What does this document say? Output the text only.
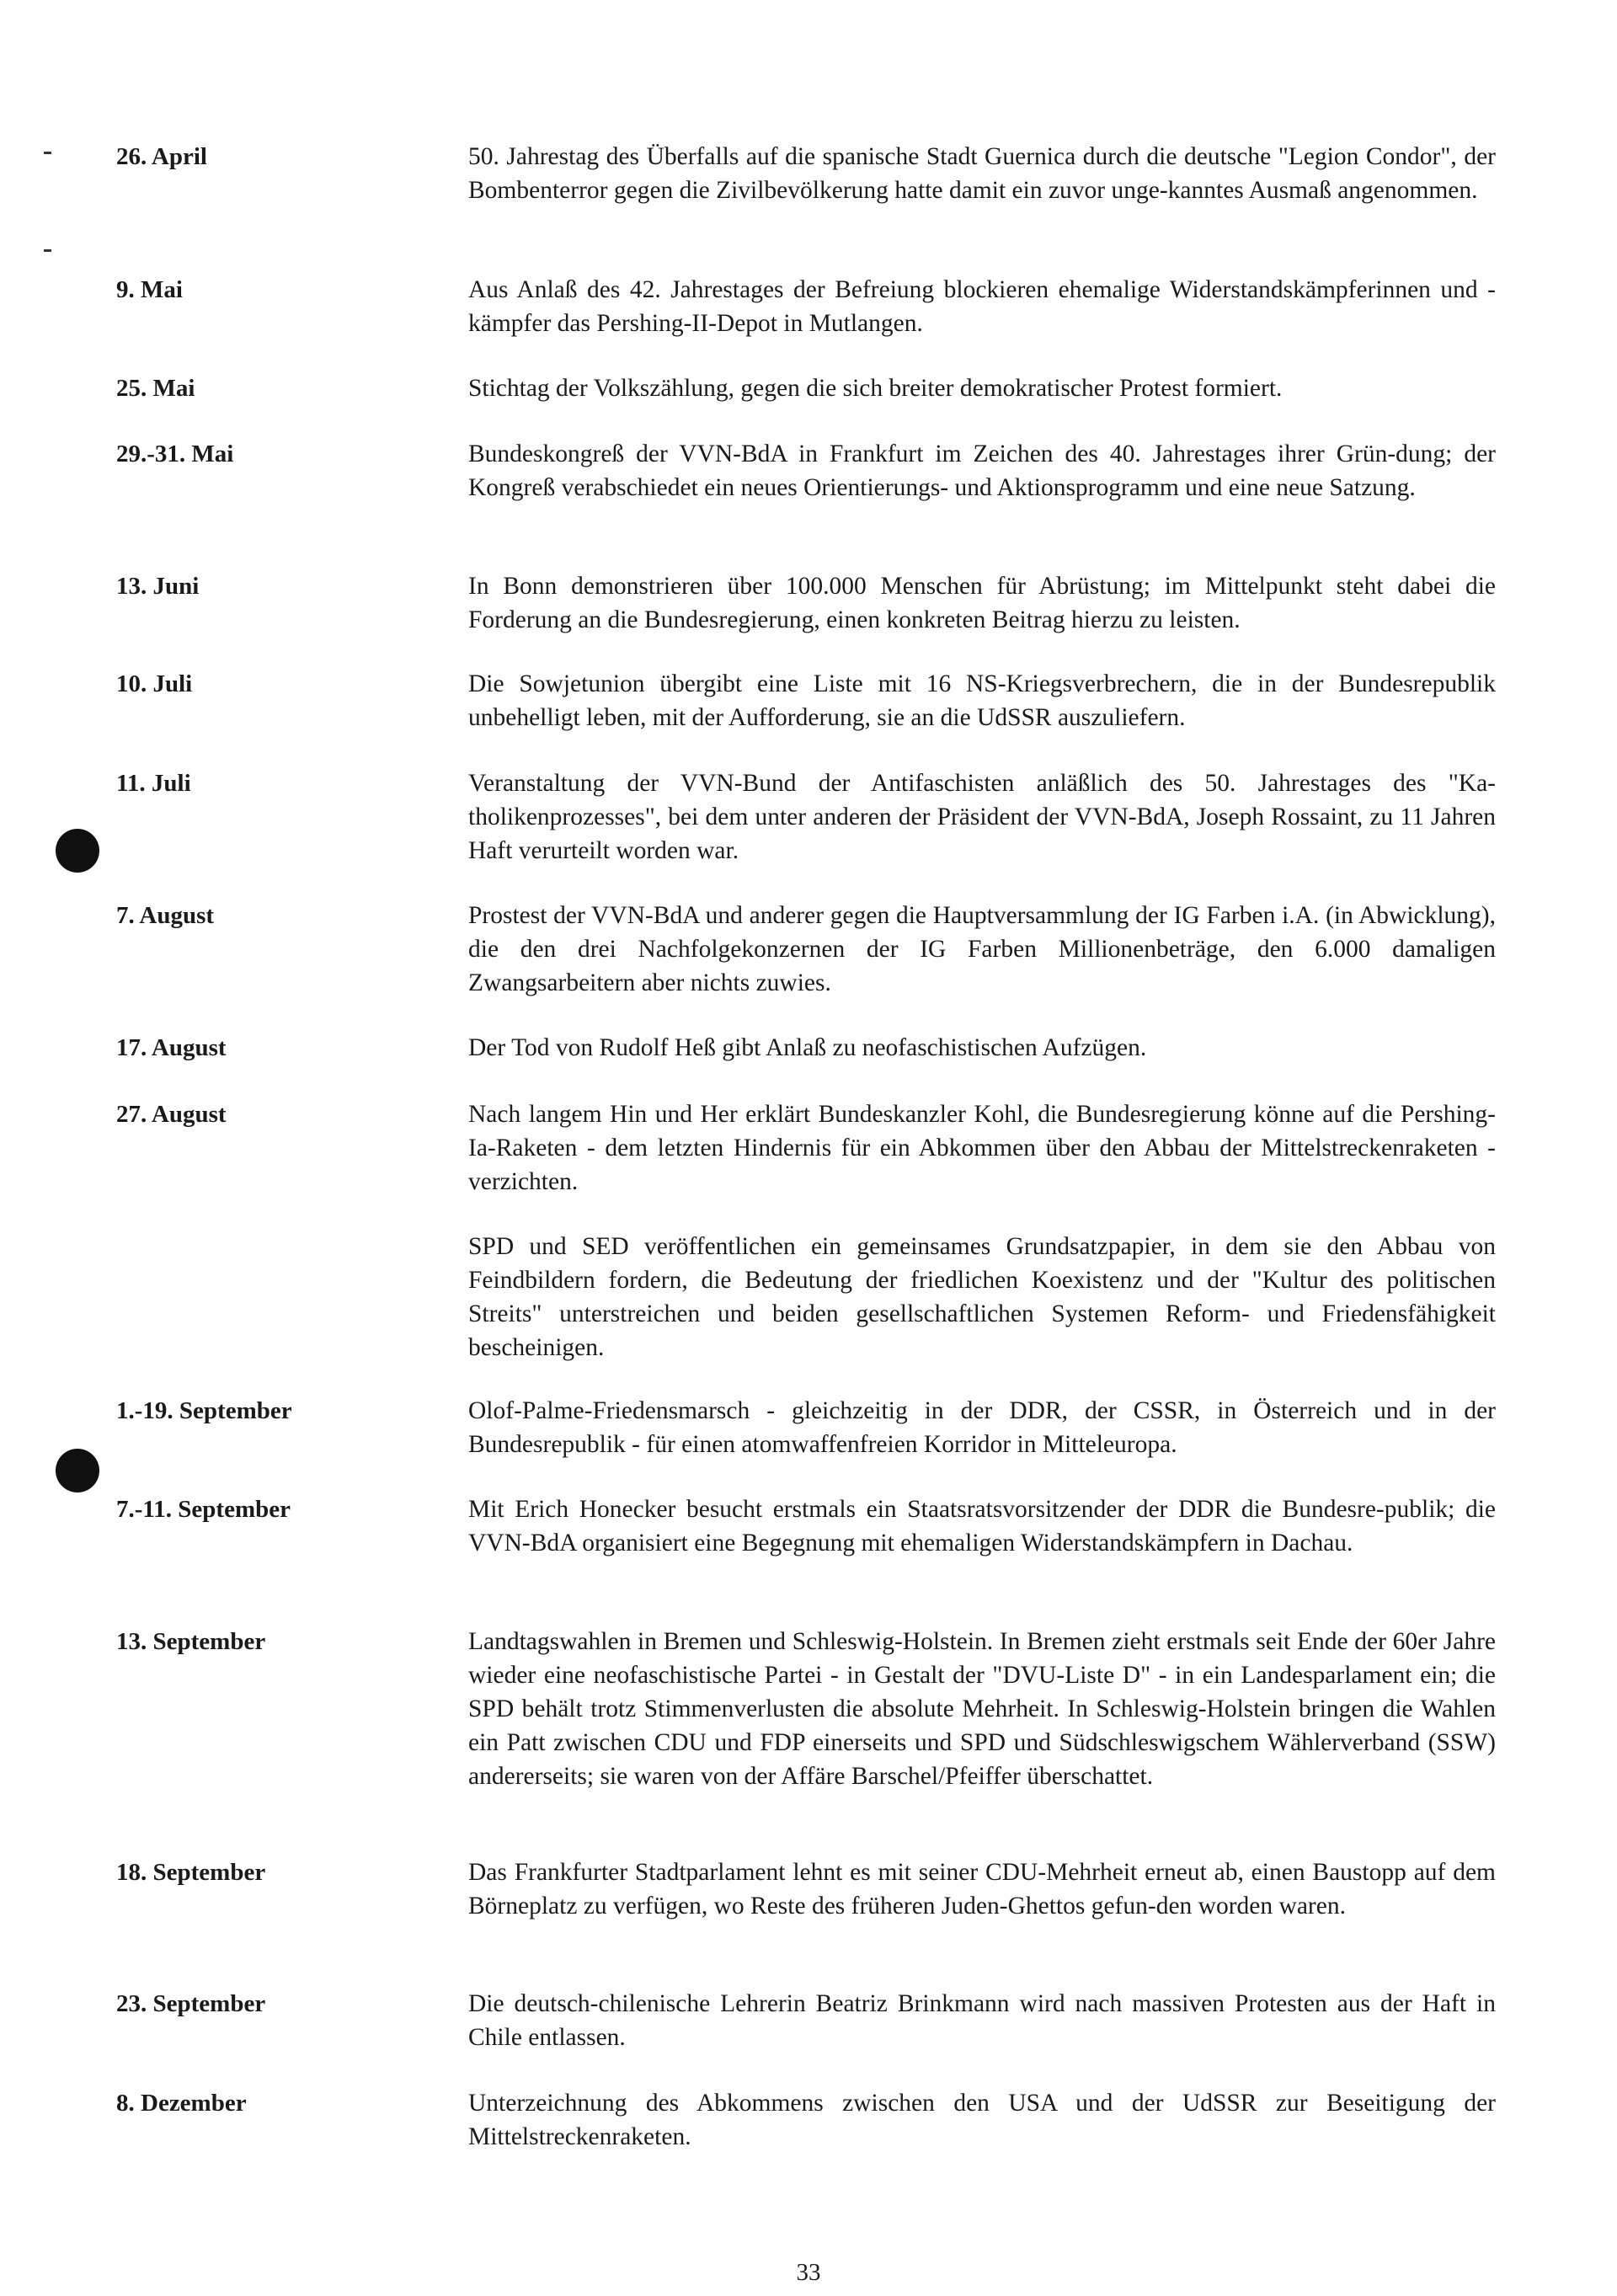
26. April	50. Jahrestag des Überfalls auf die spanische Stadt Guernica durch die deutsche "Legion Condor", der Bombenterror gegen die Zivilbevölkerung hatte damit ein zuvor unge-kanntes Ausmaß angenommen.
9. Mai	Aus Anlaß des 42. Jahrestages der Befreiung blockieren ehemalige Widerstandskämpferinnen und -kämpfer das Pershing-II-Depot in Mutlangen.
25. Mai	Stichtag der Volkszählung, gegen die sich breiter demokratischer Protest formiert.
29.-31. Mai	Bundeskongreß der VVN-BdA in Frankfurt im Zeichen des 40. Jahrestages ihrer Grün-dung; der Kongreß verabschiedet ein neues Orientierungs- und Aktionsprogramm und eine neue Satzung.
13. Juni	In Bonn demonstrieren über 100.000 Menschen für Abrüstung; im Mittelpunkt steht dabei die Forderung an die Bundesregierung, einen konkreten Beitrag hierzu zu leisten.
10. Juli	Die Sowjetunion übergibt eine Liste mit 16 NS-Kriegsverbrechern, die in der Bundesrepublik unbehelligt leben, mit der Aufforderung, sie an die UdSSR auszuliefern.
11. Juli	Veranstaltung der VVN-Bund der Antifaschisten anläßlich des 50. Jahrestages des "Ka-tholikenprozesses", bei dem unter anderen der Präsident der VVN-BdA, Joseph Rossaint, zu 11 Jahren Haft verurteilt worden war.
7. August	Prostest der VVN-BdA und anderer gegen die Hauptversammlung der IG Farben i.A. (in Abwicklung), die den drei Nachfolgekonzernen der IG Farben Millionenbeträge, den 6.000 damaligen Zwangsarbeitern aber nichts zuwies.
17. August	Der Tod von Rudolf Heß gibt Anlaß zu neofaschistischen Aufzügen.
27. August	Nach langem Hin und Her erklärt Bundeskanzler Kohl, die Bundesregierung könne auf die Pershing-Ia-Raketen - dem letzten Hindernis für ein Abkommen über den Abbau der Mittelstreckenraketen - verzichten.
SPD und SED veröffentlichen ein gemeinsames Grundsatzpapier, in dem sie den Abbau von Feindbildern fordern, die Bedeutung der friedlichen Koexistenz und der "Kultur des politischen Streits" unterstreichen und beiden gesellschaftlichen Systemen Reform- und Friedensfähigkeit bescheinigen.
1.-19. September	Olof-Palme-Friedensmarsch - gleichzeitig in der DDR, der CSSR, in Österreich und in der Bundesrepublik - für einen atomwaffenfreien Korridor in Mitteleuropa.
7.-11. September	Mit Erich Honecker besucht erstmals ein Staatsratsvorsitzender der DDR die Bundesre-publik; die VVN-BdA organisiert eine Begegnung mit ehemaligen Widerstandskämpfern in Dachau.
13. September	Landtagswahlen in Bremen und Schleswig-Holstein. In Bremen zieht erstmals seit Ende der 60er Jahre wieder eine neofaschistische Partei - in Gestalt der "DVU-Liste D" - in ein Landesparlament ein; die SPD behält trotz Stimmenverlusten die absolute Mehrheit. In Schleswig-Holstein bringen die Wahlen ein Patt zwischen CDU und FDP einerseits und SPD und Südschleswigschem Wählerverband (SSW) andererseits; sie waren von der Affäre Barschel/Pfeiffer überschattet.
18. September	Das Frankfurter Stadtparlament lehnt es mit seiner CDU-Mehrheit erneut ab, einen Baustopp auf dem Börneplatz zu verfügen, wo Reste des früheren Juden-Ghettos gefun-den worden waren.
23. September	Die deutsch-chilenische Lehrerin Beatriz Brinkmann wird nach massiven Protesten aus der Haft in Chile entlassen.
8. Dezember	Unterzeichnung des Abkommens zwischen den USA und der UdSSR zur Beseitigung der Mittelstreckenraketen.
33
